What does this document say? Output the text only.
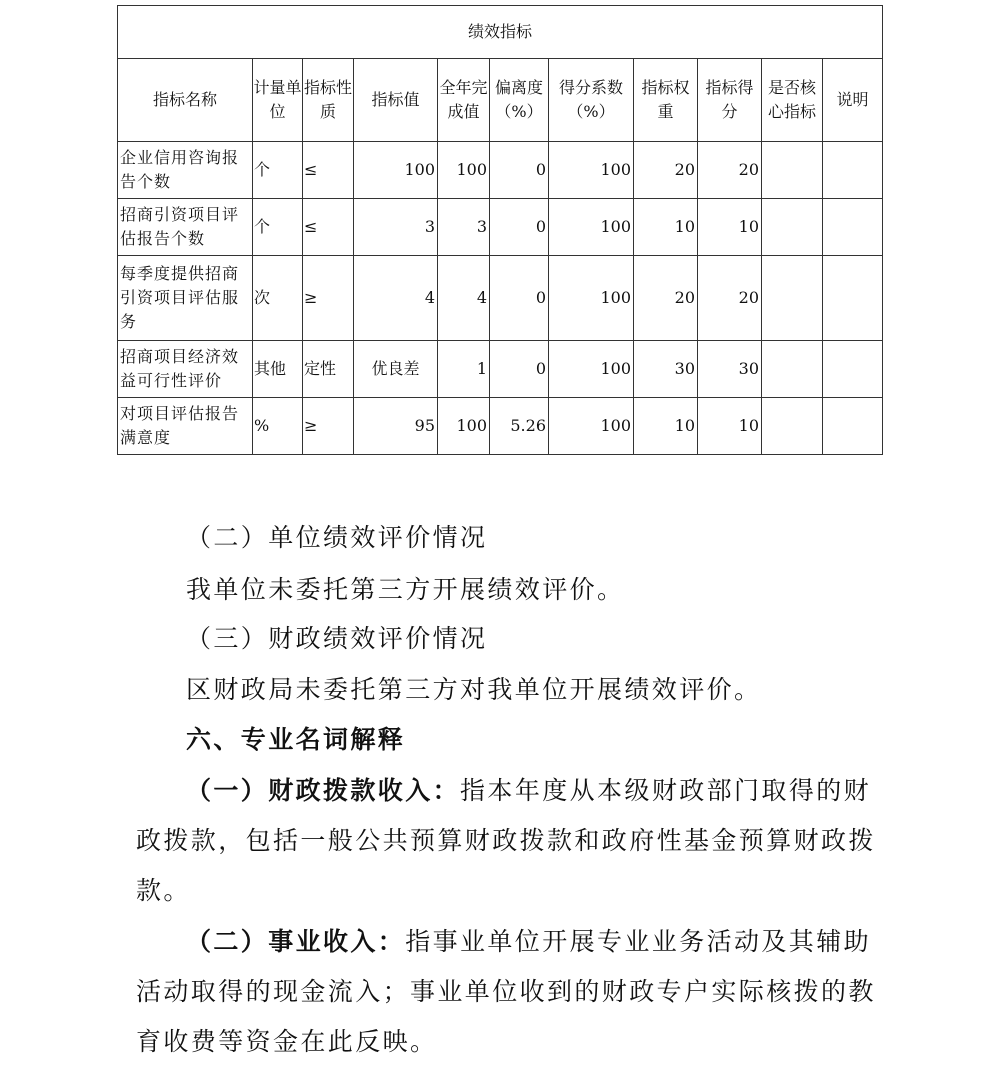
绩效指标										
指标名称	计量单位	指标性质	指标值	全年完成值	偏离度（%）	得分系数（%）	指标权重	指标得分	是否核心指标	说明
企业信用咨询报告个数	个	≤	100	100	0	100	20	20		
招商引资项目评估报告个数	个	≤	3	3	0	100	10	10		
每季度提供招商引资项目评估服务	次	≥	4	4	0	100	20	20		
招商项目经济效益可行性评价	其他	定性	优良差	1	0	100	30	30		
对项目评估报告满意度	%	≥	95	100	5.26	100	10	10		
（二）单位绩效评价情况
我单位未委托第三方开展绩效评价。
（三）财政绩效评价情况
区财政局未委托第三方对我单位开展绩效评价。
六、专业名词解释
（一）财政拨款收入：指本年度从本级财政部门取得的财政拨款，包括一般公共预算财政拨款和政府性基金预算财政拨款。
（二）事业收入：指事业单位开展专业业务活动及其辅助活动取得的现金流入；事业单位收到的财政专户实际核拨的教育收费等资金在此反映。
